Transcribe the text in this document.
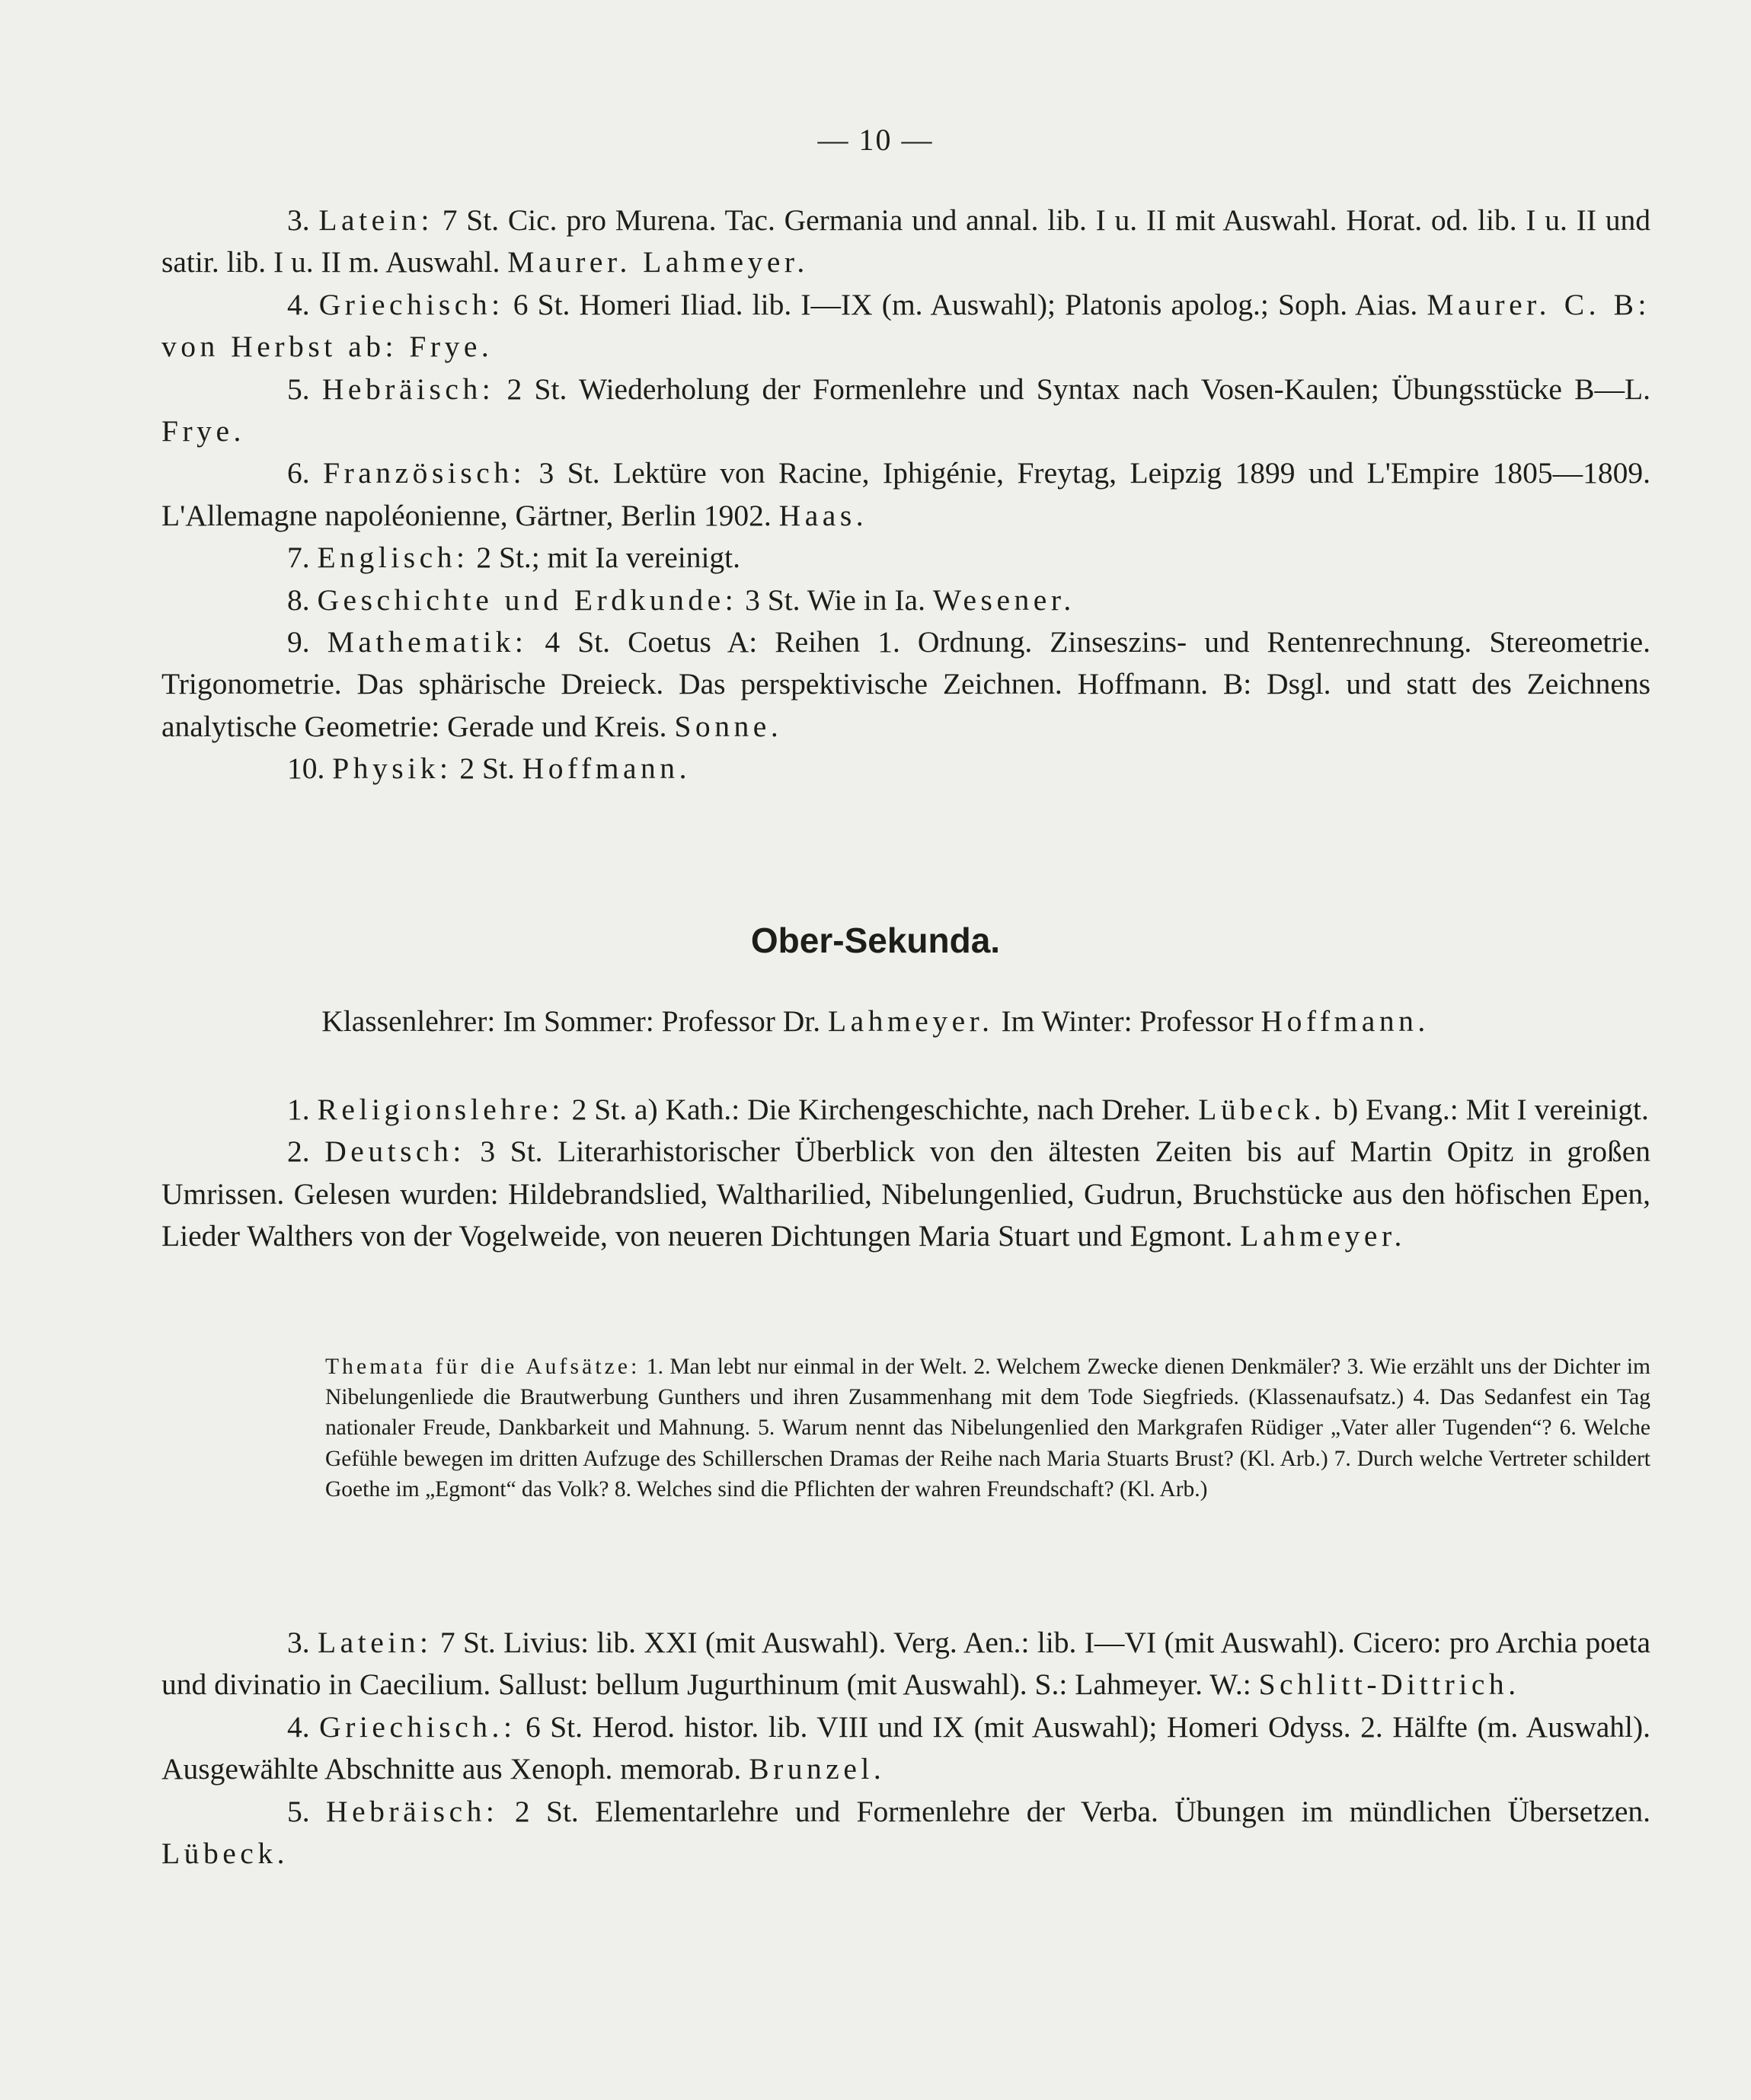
— 10 —

3. Latein: 7 St. Cic. pro Murena. Tac. Germania und annal. lib. I u. II mit Auswahl. Horat. od. lib. I u. II und satir. lib. I u. II m. Auswahl. Maurer. Lahmeyer.

4. Griechisch: 6 St. Homeri Iliad. lib. I—IX (m. Auswahl); Platonis apolog.; Soph. Aias. Maurer. C. B: von Herbst ab: Frye.

5. Hebräisch: 2 St. Wiederholung der Formenlehre und Syntax nach Vosen-Kaulen; Übungsstücke B—L. Frye.

6. Französisch: 3 St. Lektüre von Racine, Iphigénie, Freytag, Leipzig 1899 und L'Empire 1805—1809. L'Allemagne napoléonienne, Gärtner, Berlin 1902. Haas.

7. Englisch: 2 St.; mit Ia vereinigt.

8. Geschichte und Erdkunde: 3 St. Wie in Ia. Wesener.

9. Mathematik: 4 St. Coetus A: Reihen 1. Ordnung. Zinseszins- und Rentenrechnung. Stereometrie. Trigonometrie. Das sphärische Dreieck. Das perspektivische Zeichnen. Hoffmann. B: Dsgl. und statt des Zeichnens analytische Geometrie: Gerade und Kreis. Sonne.

10. Physik: 2 St. Hoffmann.

Ober-Sekunda.
Klassenlehrer: Im Sommer: Professor Dr. Lahmeyer. Im Winter: Professor Hoffmann.

1. Religionslehre: 2 St. a) Kath.: Die Kirchengeschichte, nach Dreher. Lübeck. b) Evang.: Mit I vereinigt.

2. Deutsch: 3 St. Literarhistorischer Überblick von den ältesten Zeiten bis auf Martin Opitz in großen Umrissen. Gelesen wurden: Hildebrandslied, Waltharilied, Nibelungenlied, Gudrun, Bruchstücke aus den höfischen Epen, Lieder Walthers von der Vogelweide, von neueren Dichtungen Maria Stuart und Egmont. Lahmeyer.

Themata für die Aufsätze: 1. Man lebt nur einmal in der Welt. 2. Welchem Zwecke dienen Denkmäler? 3. Wie erzählt uns der Dichter im Nibelungenliede die Brautwerbung Gunthers und ihren Zusammenhang mit dem Tode Siegfrieds. (Klassenaufsatz.) 4. Das Sedanfest ein Tag nationaler Freude, Dankbarkeit und Mahnung. 5. Warum nennt das Nibelungenlied den Markgrafen Rüdiger „Vater aller Tugenden“? 6. Welche Gefühle bewegen im dritten Aufzuge des Schillerschen Dramas der Reihe nach Maria Stuarts Brust? (Kl. Arb.) 7. Durch welche Vertreter schildert Goethe im „Egmont“ das Volk? 8. Welches sind die Pflichten der wahren Freundschaft? (Kl. Arb.)

3. Latein: 7 St. Livius: lib. XXI (mit Auswahl). Verg. Aen.: lib. I—VI (mit Auswahl). Cicero: pro Archia poeta und divinatio in Caecilium. Sallust: bellum Jugurthinum (mit Auswahl). S.: Lahmeyer. W.: Schlitt-Dittrich.

4. Griechisch.: 6 St. Herod. histor. lib. VIII und IX (mit Auswahl); Homeri Odyss. 2. Hälfte (m. Auswahl). Ausgewählte Abschnitte aus Xenoph. memorab. Brunzel.

5. Hebräisch: 2 St. Elementarlehre und Formenlehre der Verba. Übungen im mündlichen Übersetzen. Lübeck.
